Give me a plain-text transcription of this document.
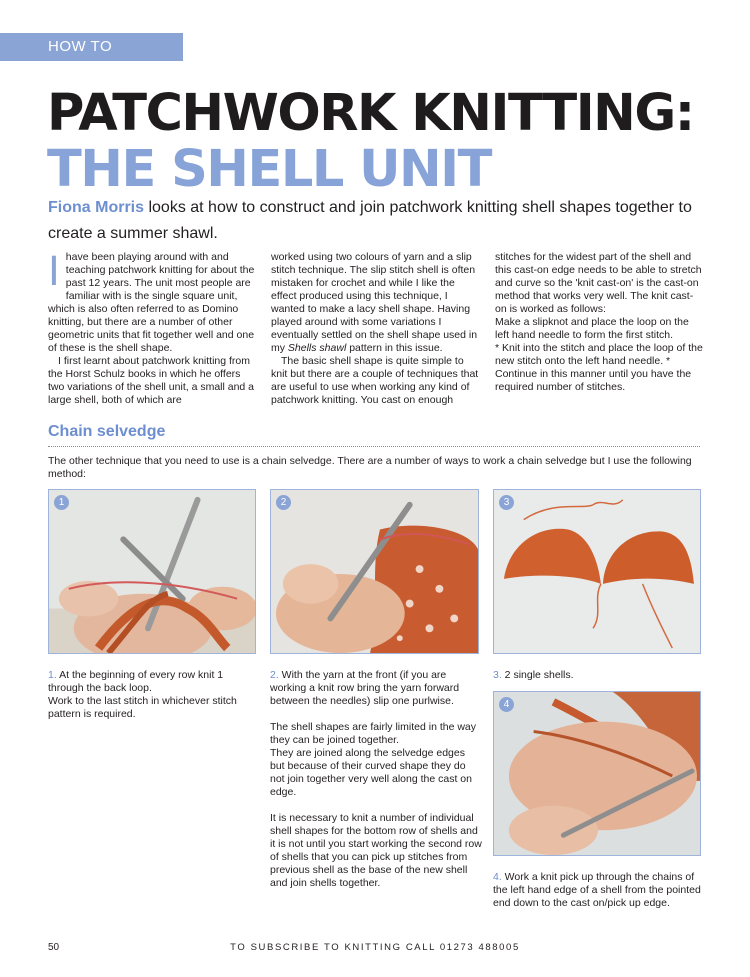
HOW TO
PATCHWORK KNITTING:
THE SHELL UNIT

Fiona Morris looks at how to construct and join patchwork knitting shell shapes together to create a summer shawl.

Ihave been playing around with and teaching patchwork knitting for about the past 12 years. The unit most people are familiar with is the single square unit, which is also often referred to as Domino knitting, but there are a number of other geometric units that fit together well and one of these is the shell shape.

I first learnt about patchwork knitting from the Horst Schulz books in which he offers two variations of the shell unit, a small and a large shell, both of which are

worked using two colours of yarn and a slip stitch technique. The slip stitch shell is often mistaken for crochet and while I like the effect produced using this technique, I wanted to make a lacy shell shape. Having played around with some variations I eventually settled on the shell shape used in my Shells shawl pattern in this issue.

The basic shell shape is quite simple to knit but there are a couple of techniques that are useful to use when working any kind of patchwork knitting. You cast on enough

stitches for the widest part of the shell and this cast-on edge needs to be able to stretch and curve so the 'knit cast-on' is the cast-on method that works very well. The knit cast-on is worked as follows:

Make a slipknot and place the loop on the left hand needle to form the first stitch.

* Knit into the stitch and place the loop of the new stitch onto the left hand needle. * Continue in this manner until you have the required number of stitches.

Chain selvedge

The other technique that you need to use is a chain selvedge. There are a number of ways to work a chain selvedge but I use the following method:

1	2	3
4

1. At the beginning of every row knit 1 through the back loop.

Work to the last stitch in whichever stitch pattern is required.

2. With the yarn at the front (if you are working a knit row bring the yarn forward between the needles) slip one purlwise.

The shell shapes are fairly limited in the way they can be joined together.

They are joined along the selvedge edges but because of their curved shape they do not join together very well along the cast on edge.

It is necessary to knit a number of individual shell shapes for the bottom row of shells and it is not until you start working the second row of shells that you can pick up stitches from previous shell as the base of the new shell and join shells together.

3. 2 single shells.

4. Work a knit pick up through the chains of the left hand edge of a shell from the pointed end down to the cast on/pick up edge.

50	TO SUBSCRIBE TO KNITTING CALL 01273 488005
